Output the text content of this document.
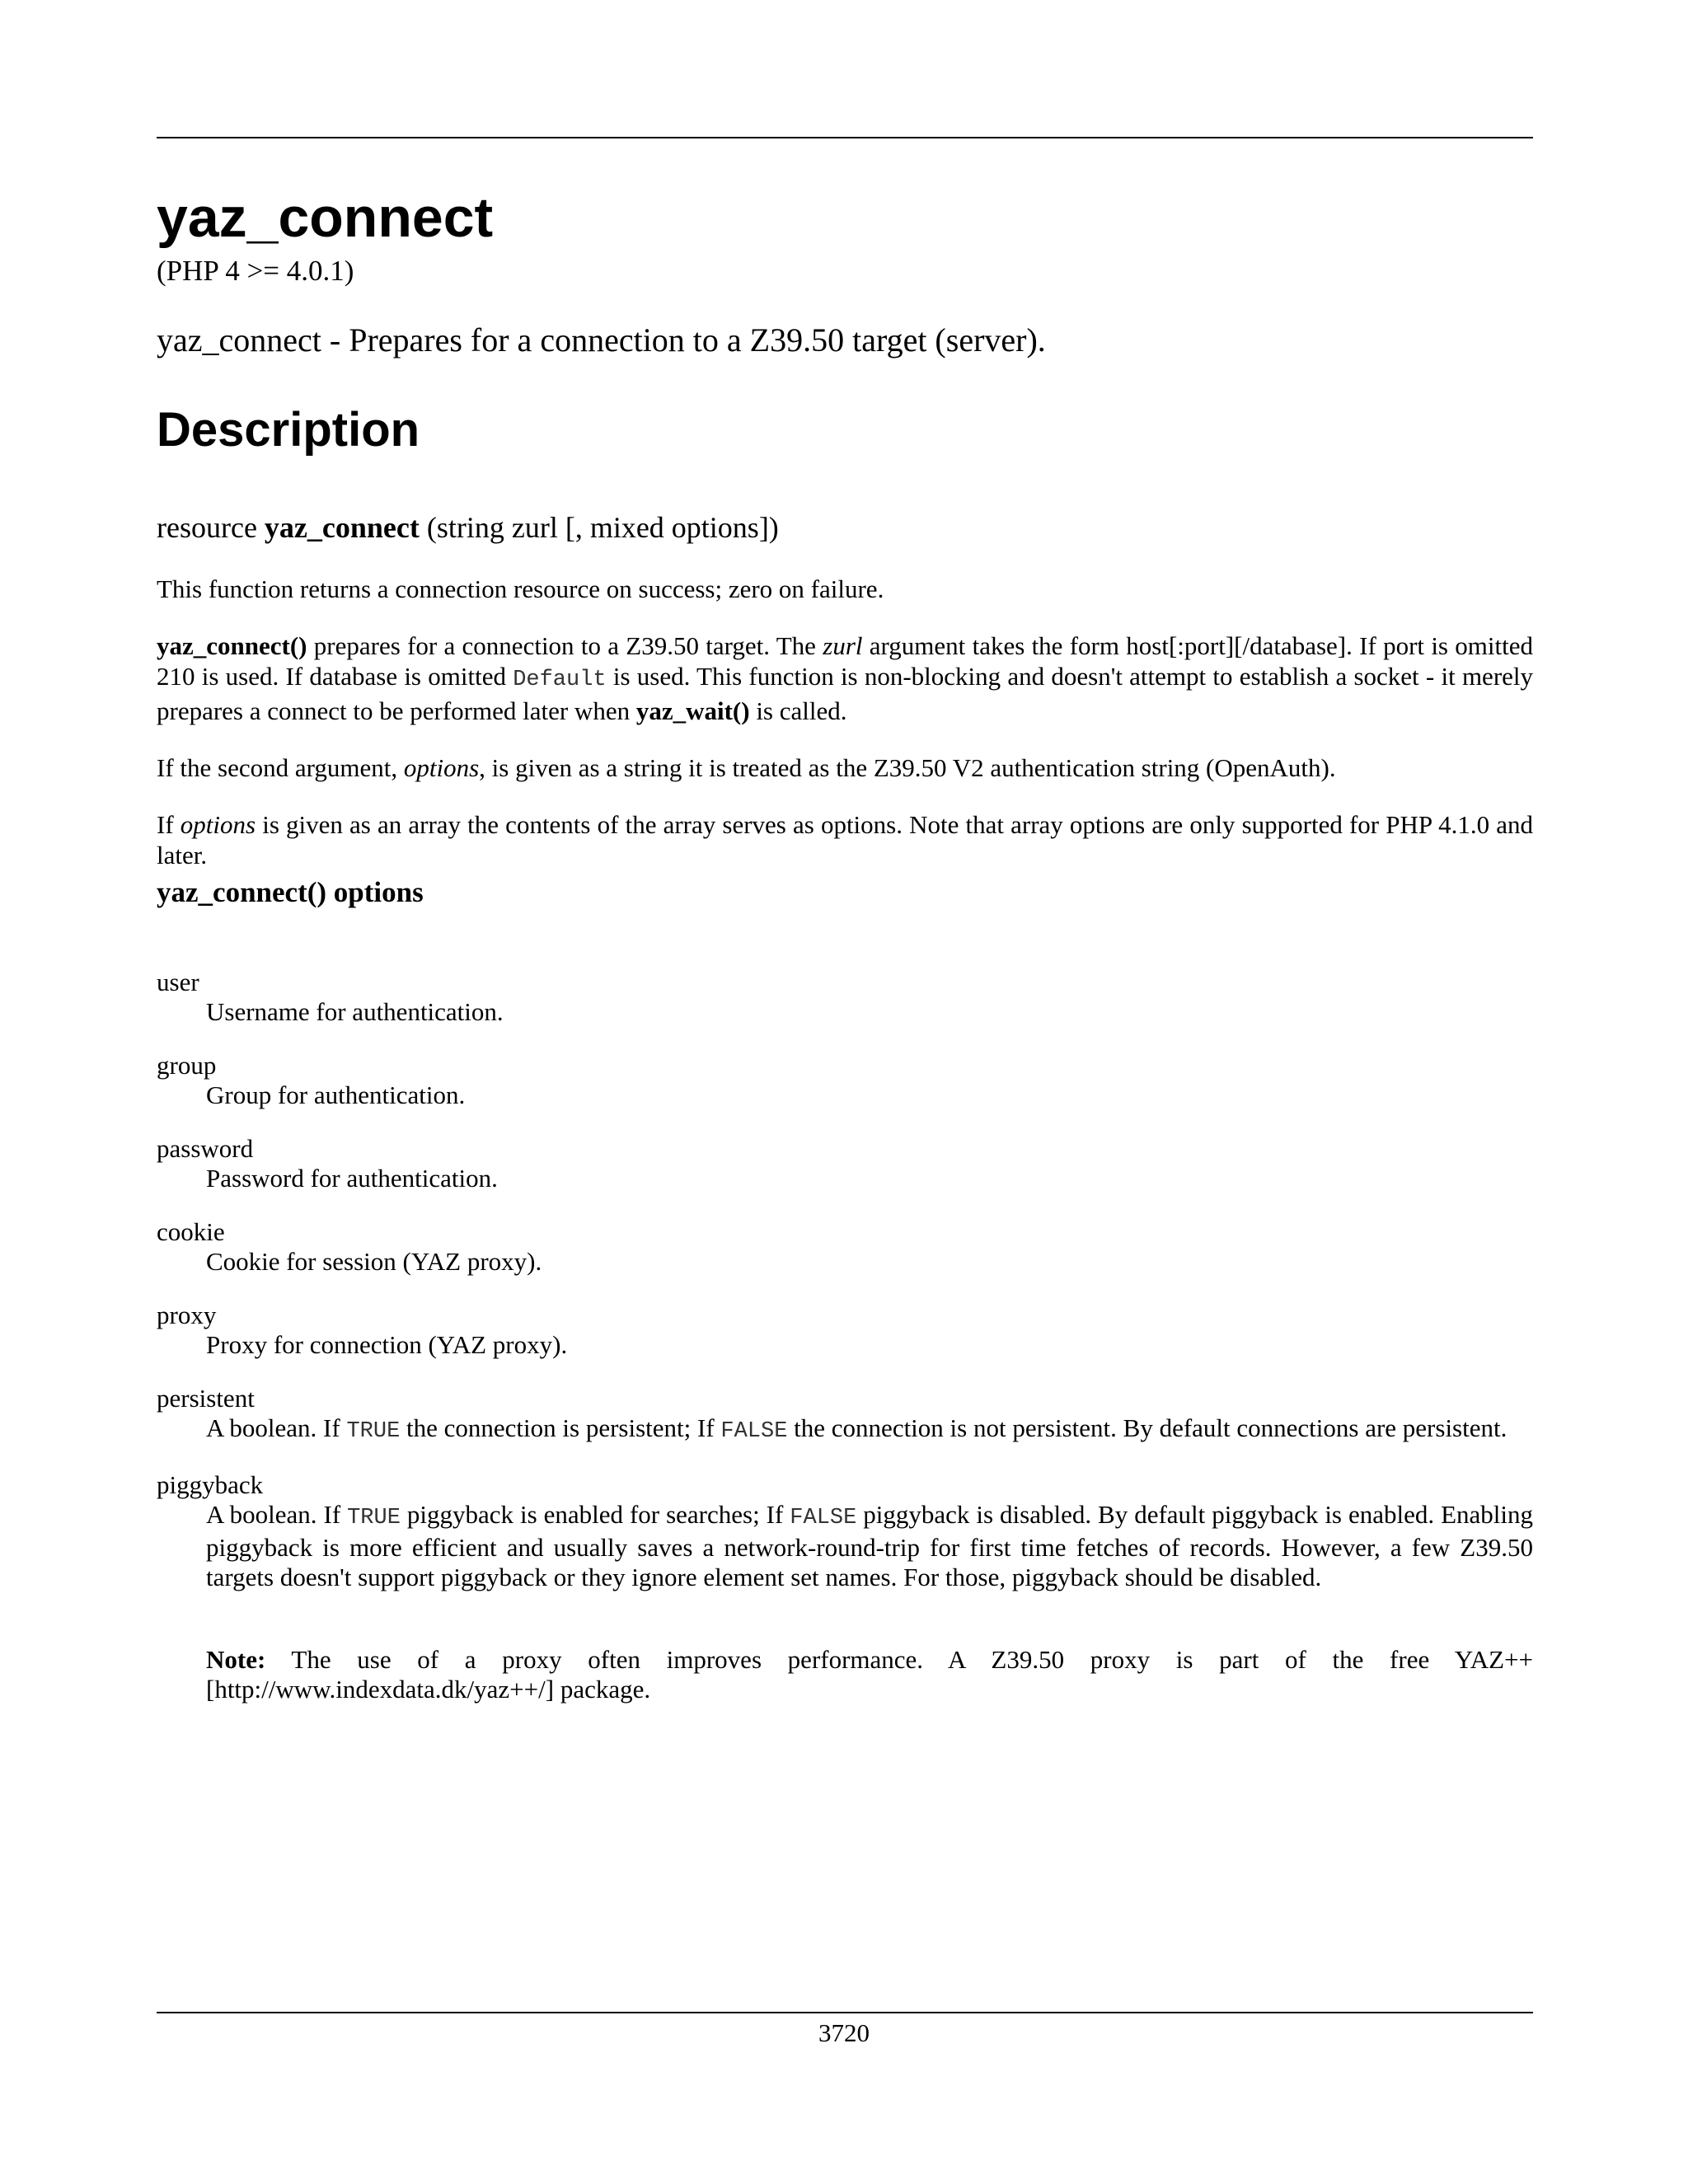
yaz_connect
(PHP 4 >= 4.0.1)
yaz_connect - Prepares for a connection to a Z39.50 target (server).
Description
resource yaz_connect (string zurl [, mixed options])
This function returns a connection resource on success; zero on failure.
yaz_connect() prepares for a connection to a Z39.50 target. The zurl argument takes the form host[:port][/database]. If port is omitted 210 is used. If database is omitted Default is used. This function is non-blocking and doesn't attempt to establish a socket - it merely prepares a connect to be performed later when yaz_wait() is called.
If the second argument, options, is given as a string it is treated as the Z39.50 V2 authentication string (OpenAuth).
If options is given as an array the contents of the array serves as options. Note that array options are only supported for PHP 4.1.0 and later.
yaz_connect() options
user
Username for authentication.
group
Group for authentication.
password
Password for authentication.
cookie
Cookie for session (YAZ proxy).
proxy
Proxy for connection (YAZ proxy).
persistent
A boolean. If TRUE the connection is persistent; If FALSE the connection is not persistent. By default connections are persistent.
piggyback
A boolean. If TRUE piggyback is enabled for searches; If FALSE piggyback is disabled. By default piggyback is enabled. Enabling piggyback is more efficient and usually saves a network-round-trip for first time fetches of records. However, a few Z39.50 targets doesn't support piggyback or they ignore element set names. For those, piggyback should be disabled.
Note: The use of a proxy often improves performance. A Z39.50 proxy is part of the free YAZ++ [http://www.indexdata.dk/yaz++/] package.
3720
